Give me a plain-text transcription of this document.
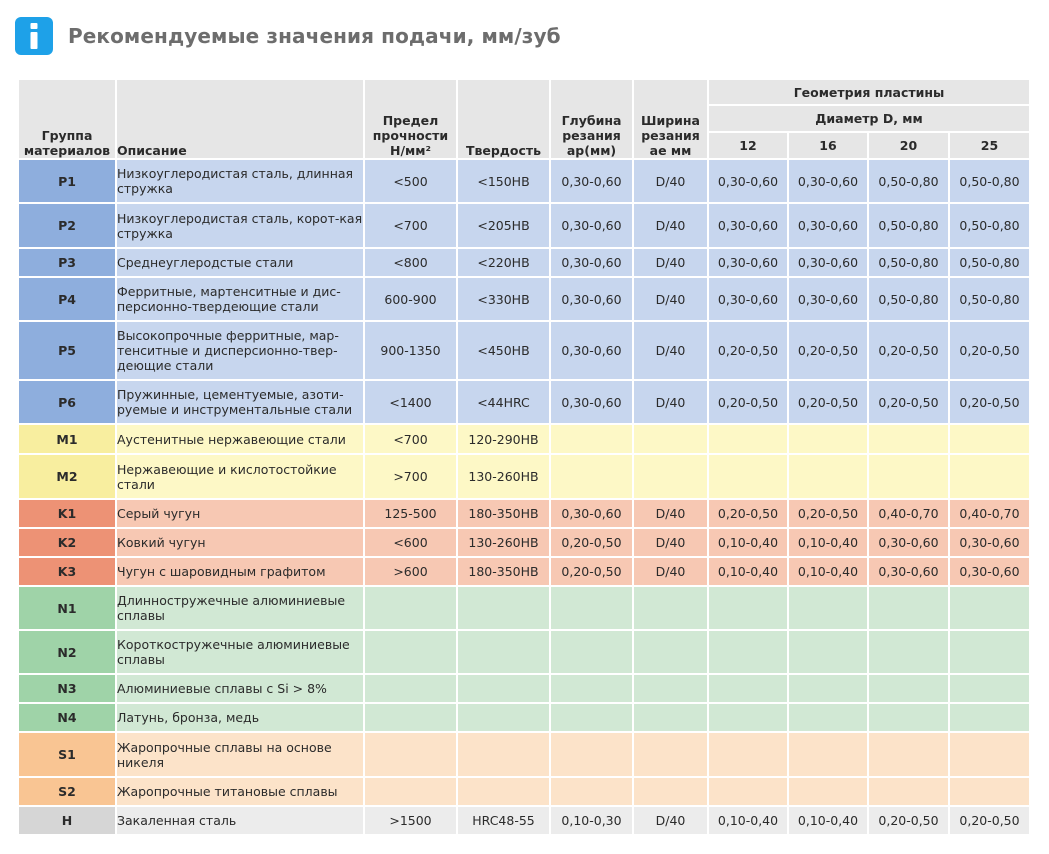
Рекомендуемые значения подачи, мм/зуб
Группа материалов	Описание	Предел прочности Н/мм²	Твердость	Глубина резания ap(мм)	Ширина резания ae мм	Геометрия пластины			
						Диаметр D, мм			
						12	16	20	25
P1	Низкоуглеродистая сталь, длинная стружка	<500	<150HB	0,30-0,60	D/40	0,30-0,60	0,30-0,60	0,50-0,80	0,50-0,80
P2	Низкоуглеродистая сталь, корот-кая стружка	<700	<205HB	0,30-0,60	D/40	0,30-0,60	0,30-0,60	0,50-0,80	0,50-0,80
P3	Среднеуглеродстые стали	<800	<220HB	0,30-0,60	D/40	0,30-0,60	0,30-0,60	0,50-0,80	0,50-0,80
P4	Ферритные, мартенситные и дис-персионно-твердеющие стали	600-900	<330HB	0,30-0,60	D/40	0,30-0,60	0,30-0,60	0,50-0,80	0,50-0,80
P5	Высокопрочные ферритные, мар-тенситные и дисперсионно-твер-деющие стали	900-1350	<450HB	0,30-0,60	D/40	0,20-0,50	0,20-0,50	0,20-0,50	0,20-0,50
P6	Пружинные, цементуемые, азоти-руемые и инструментальные стали	<1400	<44HRC	0,30-0,60	D/40	0,20-0,50	0,20-0,50	0,20-0,50	0,20-0,50
M1	Аустенитные нержавеющие стали	<700	120-290HB						
M2	Нержавеющие и кислотостойкие стали	>700	130-260HB						
K1	Серый чугун	125-500	180-350HB	0,30-0,60	D/40	0,20-0,50	0,20-0,50	0,40-0,70	0,40-0,70
K2	Ковкий чугун	<600	130-260HB	0,20-0,50	D/40	0,10-0,40	0,10-0,40	0,30-0,60	0,30-0,60
K3	Чугун с шаровидным графитом	>600	180-350HB	0,20-0,50	D/40	0,10-0,40	0,10-0,40	0,30-0,60	0,30-0,60
N1	Длинностружечные алюминиевые сплавы								
N2	Короткостружечные алюминиевые сплавы								
N3	Алюминиевые сплавы с Si > 8%								
N4	Латунь, бронза, медь								
S1	Жаропрочные сплавы на основе никеля								
S2	Жаропрочные титановые сплавы								
H	Закаленная сталь	>1500	HRC48-55	0,10-0,30	D/40	0,10-0,40	0,10-0,40	0,20-0,50	0,20-0,50
